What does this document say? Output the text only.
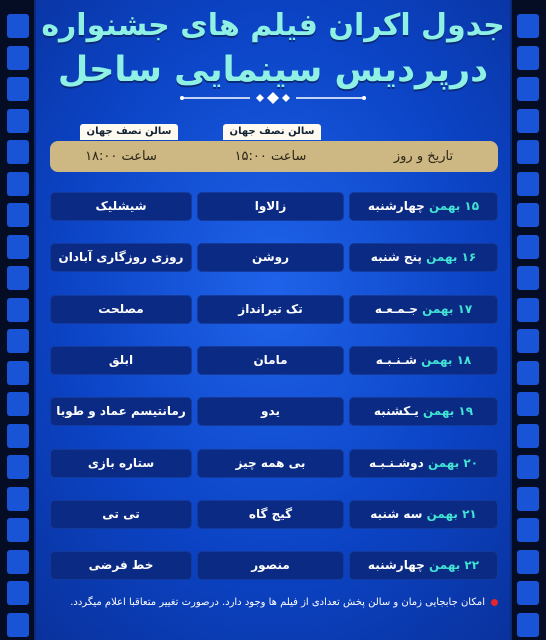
جدول اکران فیلم های جشنواره
درپردیس سینمایی ساحل
سالن نصف جهان	سالن نصف جهان
ساعت ۱۸:۰۰	ساعت ۱۵:۰۰	تاریخ و روز
شیشلیک	زالاوا	۱۵ بهمن چهارشنبه
روزی روزگاری آبادان	روشن	۱۶ بهمن پنج شنبه
مصلحت	تک تیرانداز	۱۷ بهمن جـمـعـه
ابلق	مامان	۱۸ بهمن شـنـبـه
رمانتیسم عماد و طوبا	یدو	۱۹ بهمن یـکشنبه
ستاره بازی	بی همه چیز	۲۰ بهمن دوشـنـبـه
تی تی	گیج گاه	۲۱ بهمن سه شنبه
خط فرضی	منصور	۲۲ بهمن چهارشنبه
امکان جابجایی زمان و سالن پخش تعدادی از فیلم ها وجود دارد. درصورت تغییر متعاقبا اعلام میگردد.
